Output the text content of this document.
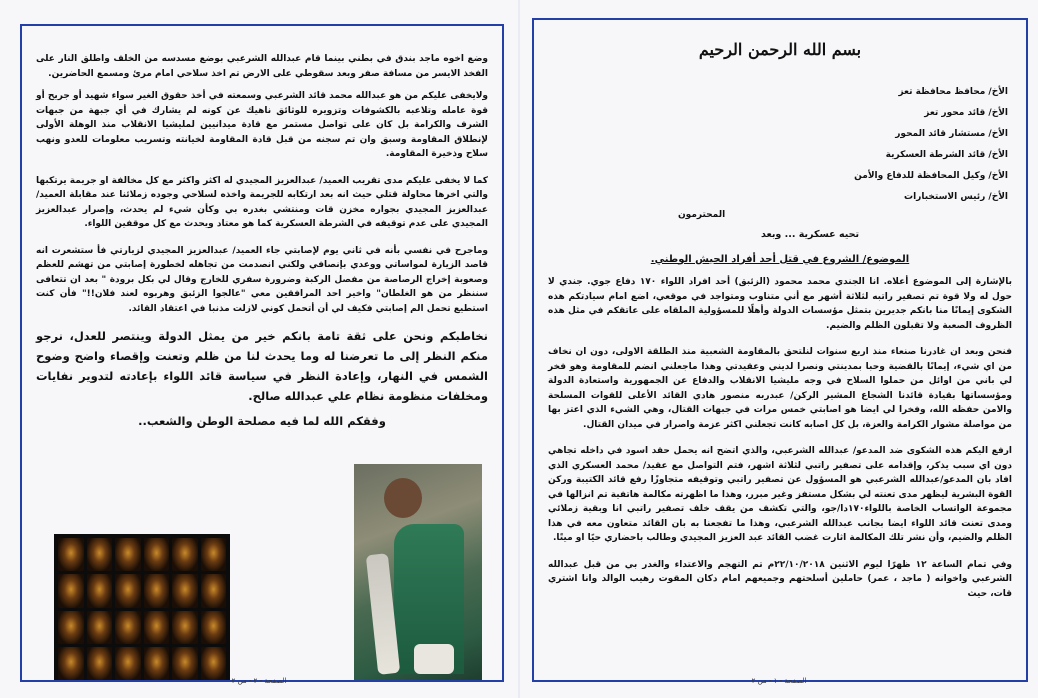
وضع اخوه ماجد بندق في بطني بينما قام عبدالله الشرعبي بوضع مسدسه من الخلف واطلق النار على الفخذ الايسر من مسافة صفر وبعد سقوطي على الارض تم اخذ سلاحي امام مرئ ومسمع الحاضرين.

ولايخفى عليكم من هو عبدالله محمد قائد الشرعبي وسمعته في أخذ حقوق الغير سواء شهيد أو جريح أو قوة عامله وتلاعبه بالكشوفات وتزويره للوثائق ناهيك عن كونه لم يشارك في أي جبهة من جبهات الشرف والكرامة بل كان على تواصل مستمر مع قادة ميدانيين لمليشيا الانقلاب منذ الوهلة الأولى لإنطلاق المقاومة وسبق وان تم سجنه من قبل قادة المقاومة لخيانته وتسريب معلومات للعدو ونهب سلاح وذخيرة المقاومة.

كما لا يخفى عليكم مدى تقريب العميد/ عبدالعزيز المجيدي له اكثر واكثر مع كل مخالفة او جريمة يرتكبها والتي اخرها محاولة قتلي حيث انه بعد ارتكابه للجريمة واخذه لسلاحي وجوده زملائنا عند مقابلة العميد/عبدالعزيز المجيدي بجواره مخزن قات ومنتشي بغدره بي وكأن شيء لم يحدث، وإصرار عبدالعزيز المجيدي على عدم توقيفه في الشرطة العسكرية كما هو معتاد ويحدث مع كل موقفين اللواء.

وماجرح في نفسي بأنه في ثاني يوم لإصابتي جاء العميد/ عبدالعزيز المجيدي لزيارتي فأ ستشعرت انه قاصد الزيارة لمواساتي ووعدي بإنصافي ولكني انصدمت من تجاهله لخطورة إصابتي من تهشم للعظم وصعوبة إخراج الرصاصة من مفصل الركبة وضرورة سفري للخارج وقال لي بكل برودة " بعد ان تتعافى سننظر من هو الغلطان" واخير احد المرافقين معي "عالجوا الزئبق وهربوه لعند فلان!!" فأن كنت استطيع تحمل الم إصابتي فكيف لي أن أتحمل كوني لازلت مذنبا في اعتقاد القائد.

نخاطبكم ونحن على ثقة تامة بانكم خير من يمثل الدولة وينتصر للعدل، نرجو منكم النظر إلى ما تعرضنا له وما يحدث لنا من ظلم وتعنت وإقصاء واضح وضوح الشمس في النهار، وإعادة النظر في سياسة قائد اللواء بإعادته لتدوير نفايات ومخلفات منظومة نظام علي عبدالله صالح.

وفقكم الله لما فيه مصلحة الوطن والشعب..
الصفحة - ٢ - من ٢
بسم الله الرحمن الرحيم
الأخ/ محافظ محافظة تعز
الأخ/ قائد محور تعز
الأخ/ مستشار قائد المحور
الأخ/ قائد الشرطة العسكرية
الأخ/ وكيل المحافظة للدفاع والأمن
الأخ/ رئيس الاستخبارات
المحترمون
تحيه عسكرية ... وبعد
الموضوع/ الشروع في قتل أحد أفراد الجيش الوطني.

بالإشارة إلى الموضوع أعلاه. انا الجندي محمد محمود (الزئبق) أحد افراد اللواء ١٧٠ دفاع جوي. جندي لا حول له ولا قوة تم تصفير راتبه لثلاثة أشهر مع أني متناوب ومتواجد في موقعي، اضع امام سيادتكم هذه الشكوى إيمانًا منا بانكم جديرين بتمثل مؤسسات الدولة وأهلًا للمسؤولية الملقاه على عاتقكم في مثل هذه الظروف الصعبة ولا تقبلون الظلم والضيم.

فنحن وبعد ان غادرنا صنعاء منذ اربع سنوات لنلتحق بالمقاومة الشعبية منذ الطلقة الاولى، دون ان نخاف من اي شيء، إيمانًا بالقضية وحبا بمدينتي ونصرا لديني وعقيدتي وهذا ماجعلني انضم للمقاومة وهو فخر لي باني من اوائل من حملوا السلاح في وجه مليشيا الانقلاب والدفاع عن الجمهورية واستعادة الدولة ومؤسساتها بقيادة قائدنا الشجاع المشير الركن/ عبدربه منصور هادي القائد الأعلى للقوات المسلحة والامن حفظه الله، وفخرا لي ايضا هو اصابتي خمس مرات في جبهات القتال، وهي الشيء الذي اعتز بها من مواصلة مشوار الكرامة والعزة، بل كل اصابه كانت تجعلني اكثر عزمة واصرار في ميدان القتال.

ارفع اليكم هذه الشكوى ضد المدعو/ عبدالله الشرعبي، والذي اتضح انه يحمل حقد اسود في داخله تجاهي دون اي سبب يذكر، وإقدامه على تصفير راتبي لثلاثة اشهر، فتم التواصل مع عقيد/ محمد العسكري الذي افاد بان المدعو/عبدالله الشرعبي هو المسؤول عن تصفير راتبي وتوقيفه متجاوزًا رفع قائد الكتيبة وركن القوة البشرية ليظهر مدى تعنته لي بشكل مستفز وغير مبرر، وهذا ما اظهرته مكالمة هاتفية تم انزالها في مجموعة الواتساب الخاصة باللواء١٧٠دا/جو، والتي تكشف من يقف خلف تصفير راتبي انا وبقية زملائي ومدى تعنت قائد اللواء ايضا بجانب عبدالله الشرعبي، وهذا ما تفجعنا به بان القائد متعاون معه في هذا الظلم والضيم، وأن نشر تلك المكالمة اثارت غضب القائد عبد العزيز المجيدي وطالب باحضاري حيًا او ميتًا.

وفي تمام الساعة ١٢ ظهرًا ليوم الاثنين ٢٢/١٠/٢٠١٨م تم التهجم والاعتداء والغدر بي من قبل عبدالله الشرعبي واخوانه ( ماجد ، عمر) حاملين أسلحتهم وجميعهم امام دكان المقوت رهيب الوالد وانا اشتري قات، حيث

الصفحة - ١ - من ٢
